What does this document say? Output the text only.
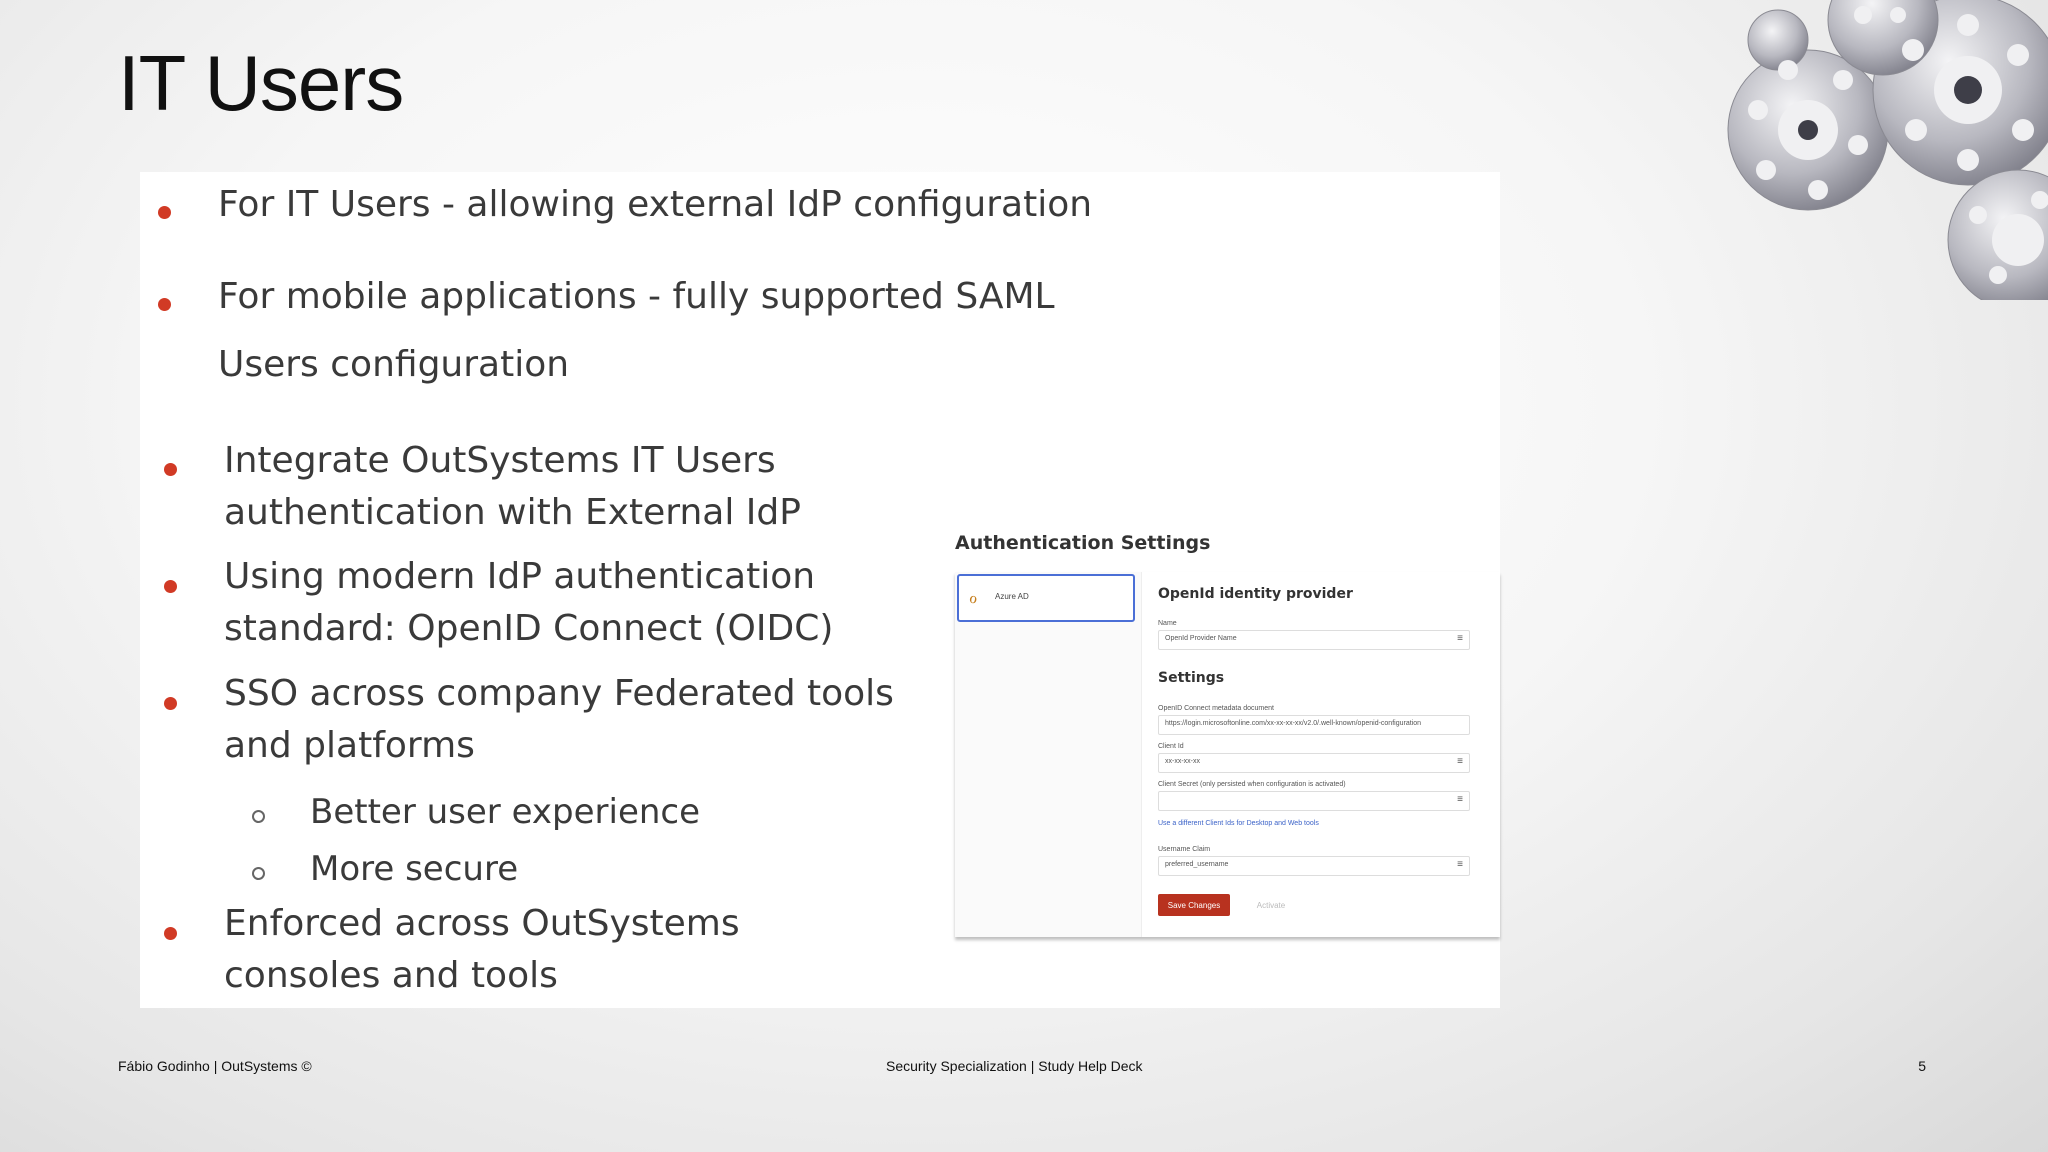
IT Users
For IT Users - allowing external IdP configuration
For mobile applications - fully supported SAML
Users configuration
Integrate OutSystems IT Users
authentication with External IdP
Using modern IdP authentication
standard: OpenID Connect (OIDC)
SSO across company Federated tools
and platforms
Better user experience
More secure
Enforced across OutSystems
consoles and tools
Authentication Settings
ℴ Azure AD	OpenId identity provider
Name
OpenId Provider Name	≡
Settings
OpenID Connect metadata document
https://login.microsoftonline.com/xx-xx-xx-xx/v2.0/.well-known/openid-configuration
Client Id
xx-xx-xx-xx	≡
Client Secret (only persisted when configuration is activated)
≡
Use a different Client Ids for Desktop and Web tools
Username Claim
preferred_username	≡
Save Changes	Activate
Fábio Godinho | OutSystems ©	Security Specialization | Study Help Deck	5
